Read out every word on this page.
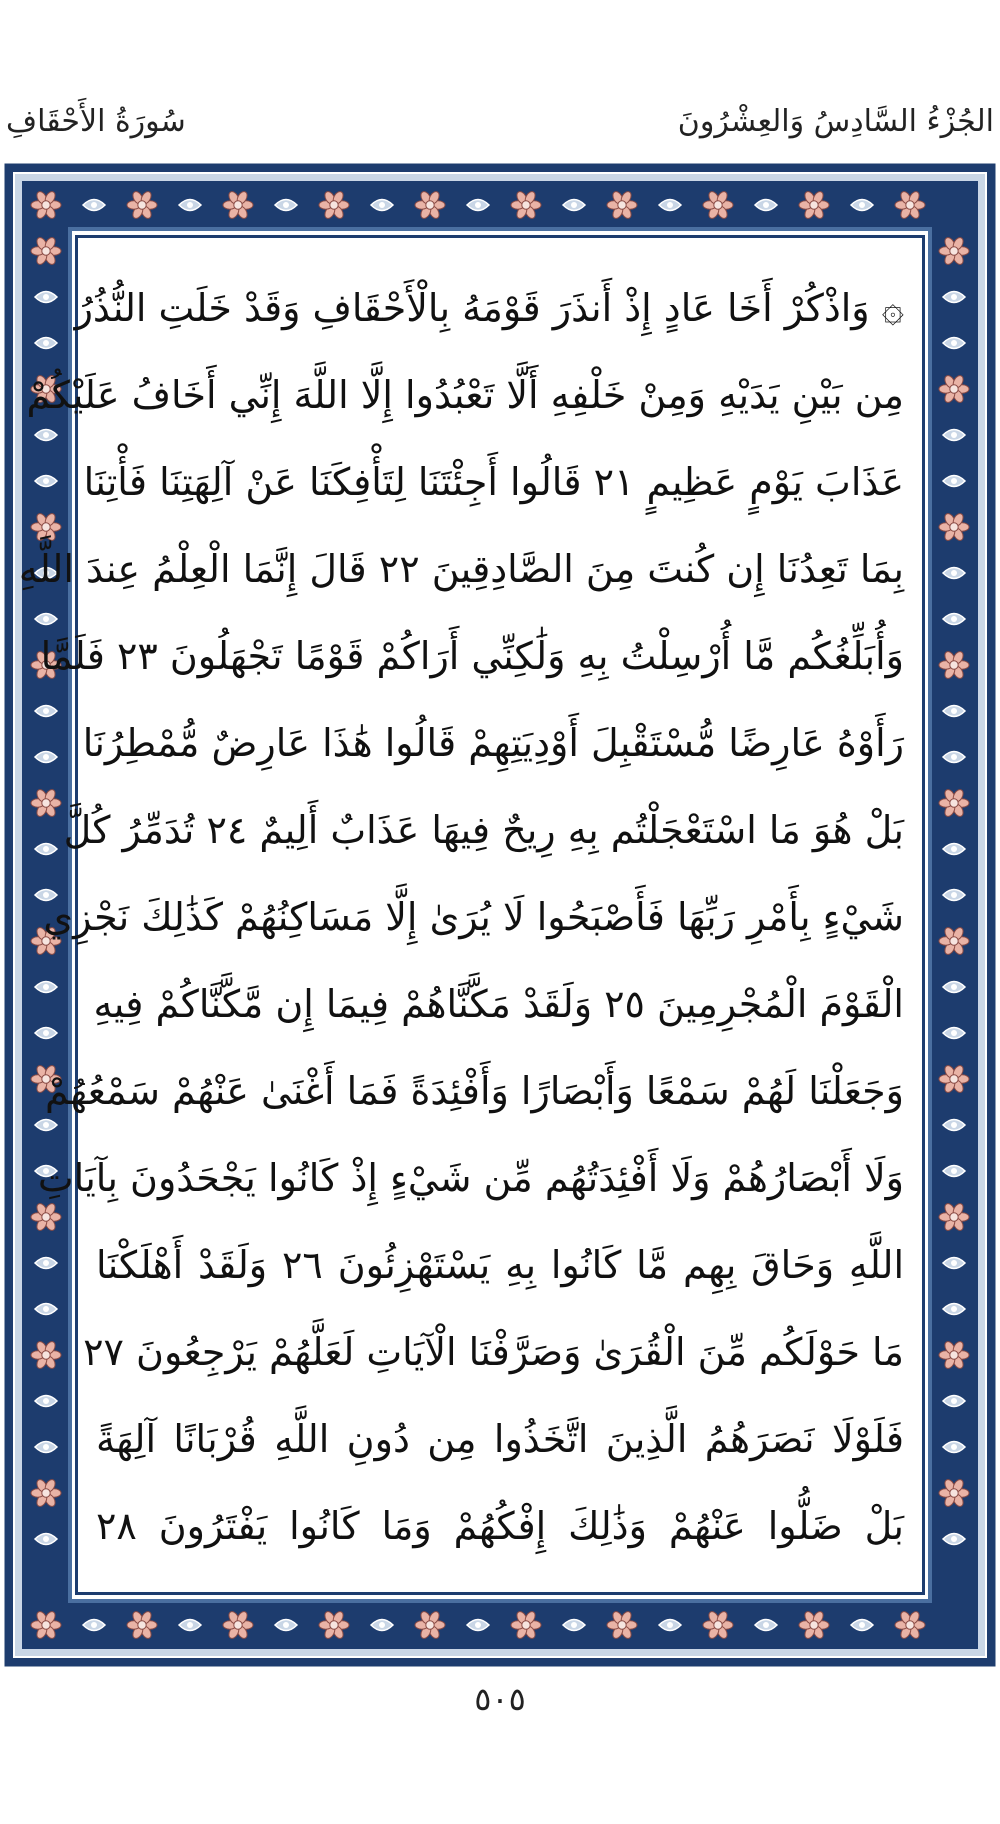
الجُزْءُ السَّادِسُ وَالعِشْرُونَ
سُورَةُ الأَحْقَافِ
۞ وَاذْكُرْ أَخَا عَادٍ إِذْ أَنذَرَ قَوْمَهُ بِالْأَحْقَافِ وَقَدْ خَلَتِ النُّذُرُ
مِن بَيْنِ يَدَيْهِ وَمِنْ خَلْفِهِ أَلَّا تَعْبُدُوا إِلَّا اللَّهَ إِنِّي أَخَافُ عَلَيْكُمْ
عَذَابَ يَوْمٍ عَظِيمٍ ٢١ قَالُوا أَجِئْتَنَا لِتَأْفِكَنَا عَنْ آلِهَتِنَا فَأْتِنَا
بِمَا تَعِدُنَا إِن كُنتَ مِنَ الصَّادِقِينَ ٢٢ قَالَ إِنَّمَا الْعِلْمُ عِندَ اللَّهِ
وَأُبَلِّغُكُم مَّا أُرْسِلْتُ بِهِ وَلَٰكِنِّي أَرَاكُمْ قَوْمًا تَجْهَلُونَ ٢٣ فَلَمَّا
رَأَوْهُ عَارِضًا مُّسْتَقْبِلَ أَوْدِيَتِهِمْ قَالُوا هَٰذَا عَارِضٌ مُّمْطِرُنَا
بَلْ هُوَ مَا اسْتَعْجَلْتُم بِهِ رِيحٌ فِيهَا عَذَابٌ أَلِيمٌ ٢٤ تُدَمِّرُ كُلَّ
شَيْءٍ بِأَمْرِ رَبِّهَا فَأَصْبَحُوا لَا يُرَىٰ إِلَّا مَسَاكِنُهُمْ كَذَٰلِكَ نَجْزِي
الْقَوْمَ الْمُجْرِمِينَ ٢٥ وَلَقَدْ مَكَّنَّاهُمْ فِيمَا إِن مَّكَّنَّاكُمْ فِيهِ
وَجَعَلْنَا لَهُمْ سَمْعًا وَأَبْصَارًا وَأَفْئِدَةً فَمَا أَغْنَىٰ عَنْهُمْ سَمْعُهُمْ
وَلَا أَبْصَارُهُمْ وَلَا أَفْئِدَتُهُم مِّن شَيْءٍ إِذْ كَانُوا يَجْحَدُونَ بِآيَاتِ
اللَّهِ وَحَاقَ بِهِم مَّا كَانُوا بِهِ يَسْتَهْزِئُونَ ٢٦ وَلَقَدْ أَهْلَكْنَا
مَا حَوْلَكُم مِّنَ الْقُرَىٰ وَصَرَّفْنَا الْآيَاتِ لَعَلَّهُمْ يَرْجِعُونَ ٢٧
فَلَوْلَا نَصَرَهُمُ الَّذِينَ اتَّخَذُوا مِن دُونِ اللَّهِ قُرْبَانًا آلِهَةً
بَلْ ضَلُّوا عَنْهُمْ وَذَٰلِكَ إِفْكُهُمْ وَمَا كَانُوا يَفْتَرُونَ ٢٨
٥٠٥
